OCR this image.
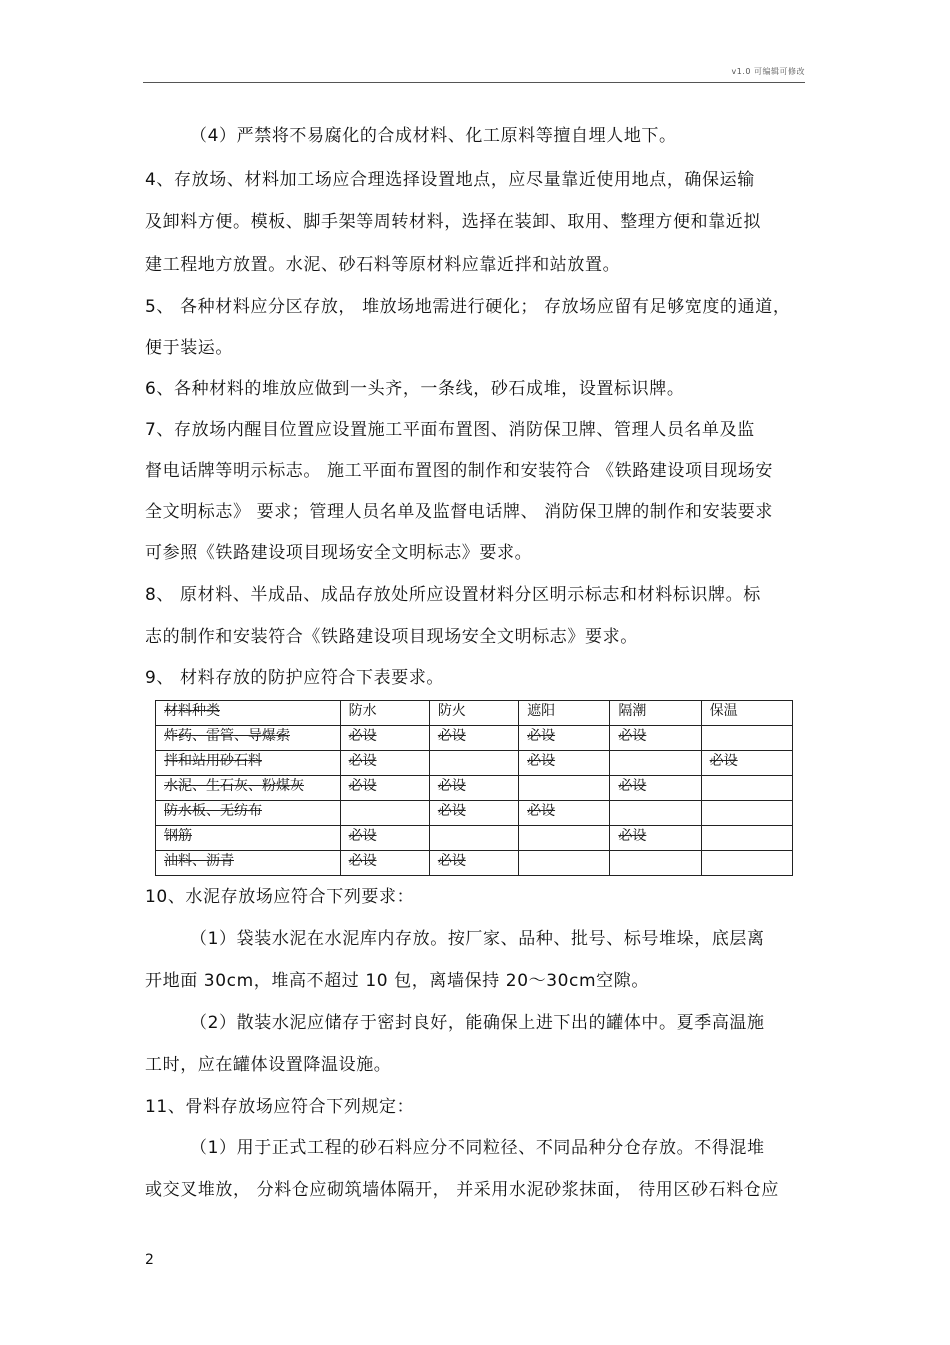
v1.0 可编辑可修改
（4）严禁将不易腐化的合成材料、化工原料等擅自埋人地下。
4、存放场、材料加工场应合理选择设置地点，应尽量靠近使用地点，确保运输
及卸料方便。模板、脚手架等周转材料，选择在装卸、取用、整理方便和靠近拟
建工程地方放置。水泥、砂石料等原材料应靠近拌和站放置。
5、 各种材料应分区存放， 堆放场地需进行硬化； 存放场应留有足够宽度的通道，
便于装运。
6、各种材料的堆放应做到一头齐，一条线，砂石成堆，设置标识牌。
7、存放场内醒目位置应设置施工平面布置图、消防保卫牌、管理人员名单及监
督电话牌等明示标志。 施工平面布置图的制作和安装符合 《铁路建设项目现场安
全文明标志》 要求；管理人员名单及监督电话牌、 消防保卫牌的制作和安装要求
可参照《铁路建设项目现场安全文明标志》要求。
8、 原材料、半成品、成品存放处所应设置材料分区明示标志和材料标识牌。标
志的制作和安装符合《铁路建设项目现场安全文明标志》要求。
9、 材料存放的防护应符合下表要求。
材料种类	防水	防火	遮阳	隔潮	保温
炸药、雷管、导爆索	必设	必设	必设	必设	
拌和站用砂石料	必设		必设		必设
水泥、生石灰、粉煤灰	必设	必设		必设	
防水板、无纺布		必设	必设		
钢筋	必设			必设	
油料、沥青	必设	必设			
10、水泥存放场应符合下列要求：
（1）袋装水泥在水泥库内存放。按厂家、品种、批号、标号堆垛，底层离
开地面 30cm，堆高不超过 10 包，离墙保持 20～30cm空隙。
（2）散装水泥应储存于密封良好，能确保上进下出的罐体中。夏季高温施
工时，应在罐体设置降温设施。
11、骨料存放场应符合下列规定：
（1）用于正式工程的砂石料应分不同粒径、不同品种分仓存放。不得混堆
或交叉堆放， 分料仓应砌筑墙体隔开， 并采用水泥砂浆抹面， 待用区砂石料仓应
2
